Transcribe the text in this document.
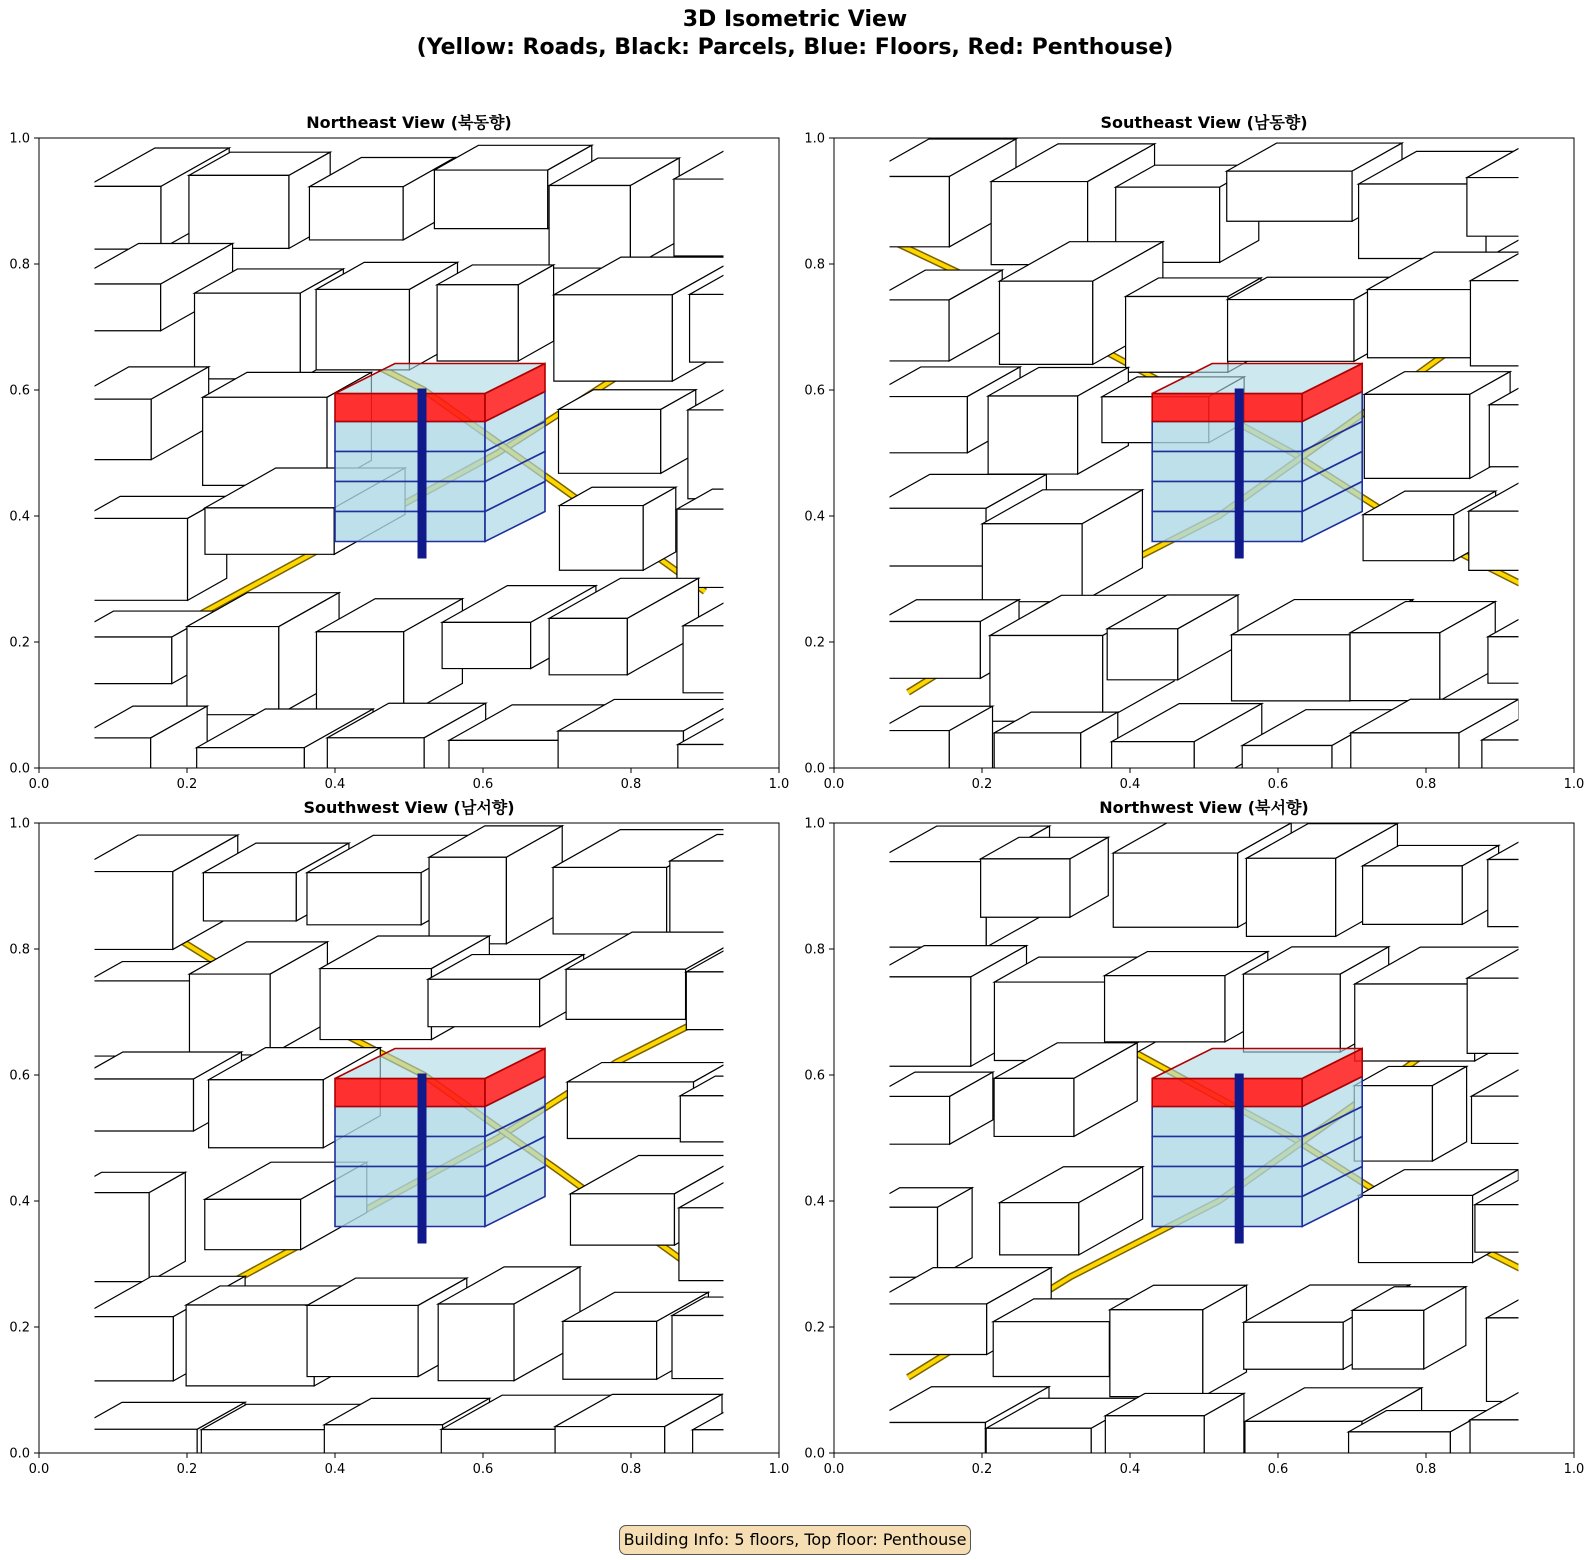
3D Isometric View
(Yellow: Roads, Black: Parcels, Blue: Floors, Red: Penthouse)
0.0
0.0
0.2
0.2
0.4
0.4
0.6
0.6
0.8
0.8
1.0
1.0
Northeast View (북동향)
0.0
0.0
0.2
0.2
0.4
0.4
0.6
0.6
0.8
0.8
1.0
1.0
Southeast View (남동향)
0.0
0.0
0.2
0.2
0.4
0.4
0.6
0.6
0.8
0.8
1.0
1.0
Southwest View (남서향)
0.0
0.0
0.2
0.2
0.4
0.4
0.6
0.6
0.8
0.8
1.0
1.0
Northwest View (북서향)
Building Info: 5 floors, Top floor: Penthouse
